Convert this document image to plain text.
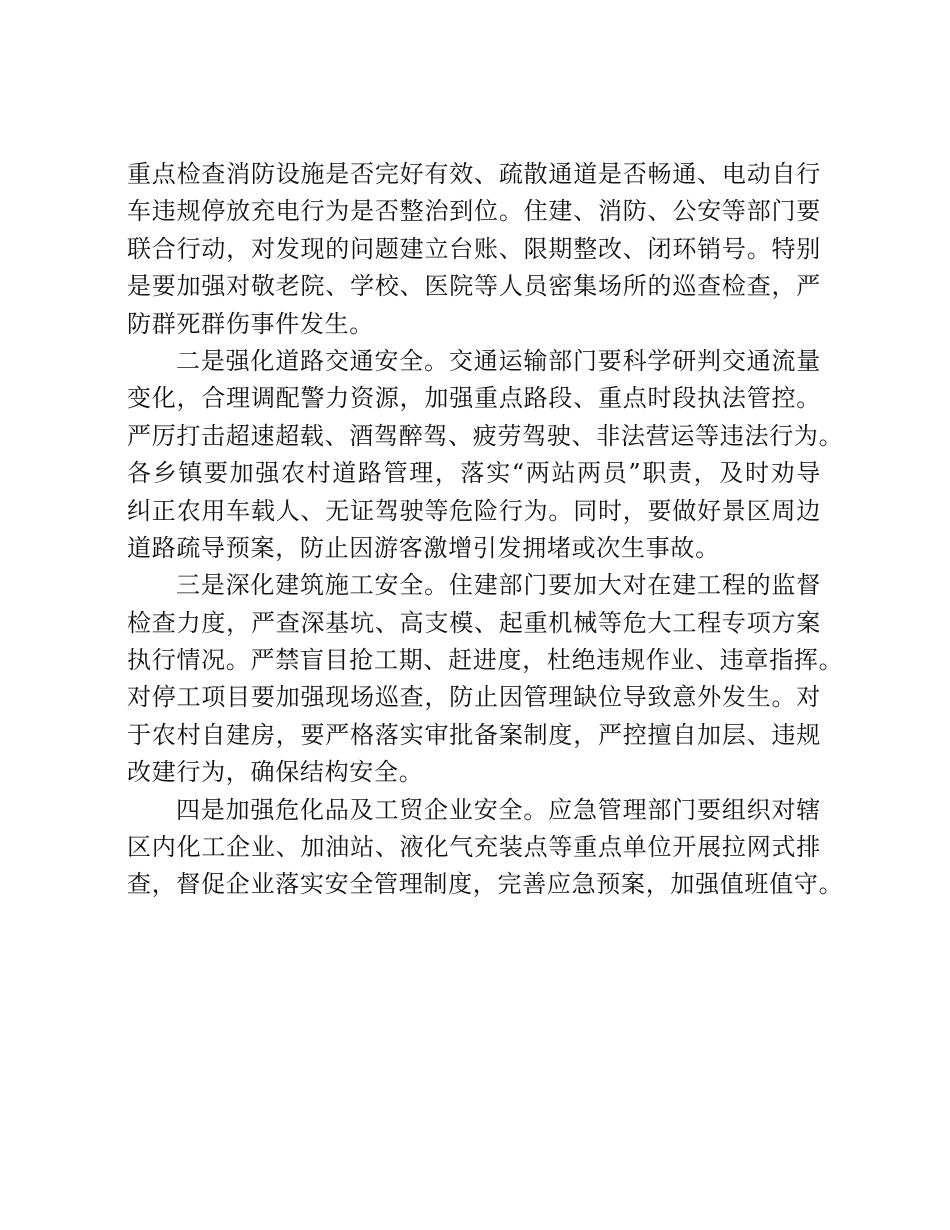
重点检查消防设施是否完好有效、疏散通道是否畅通、电动自行
车违规停放充电行为是否整治到位。住建、消防、公安等部门要
联合行动，对发现的问题建立台账、限期整改、闭环销号。特别
是要加强对敬老院、学校、医院等人员密集场所的巡查检查，严
防群死群伤事件发生。
二是强化道路交通安全。交通运输部门要科学研判交通流量
变化，合理调配警力资源，加强重点路段、重点时段执法管控。
严厉打击超速超载、酒驾醉驾、疲劳驾驶、非法营运等违法行为。
各乡镇要加强农村道路管理，落实“两站两员”职责，及时劝导
纠正农用车载人、无证驾驶等危险行为。同时，要做好景区周边
道路疏导预案，防止因游客激增引发拥堵或次生事故。
三是深化建筑施工安全。住建部门要加大对在建工程的监督
检查力度，严查深基坑、高支模、起重机械等危大工程专项方案
执行情况。严禁盲目抢工期、赶进度，杜绝违规作业、违章指挥。
对停工项目要加强现场巡查，防止因管理缺位导致意外发生。对
于农村自建房，要严格落实审批备案制度，严控擅自加层、违规
改建行为，确保结构安全。
四是加强危化品及工贸企业安全。应急管理部门要组织对辖
区内化工企业、加油站、液化气充装点等重点单位开展拉网式排
查，督促企业落实安全管理制度，完善应急预案，加强值班值守。
